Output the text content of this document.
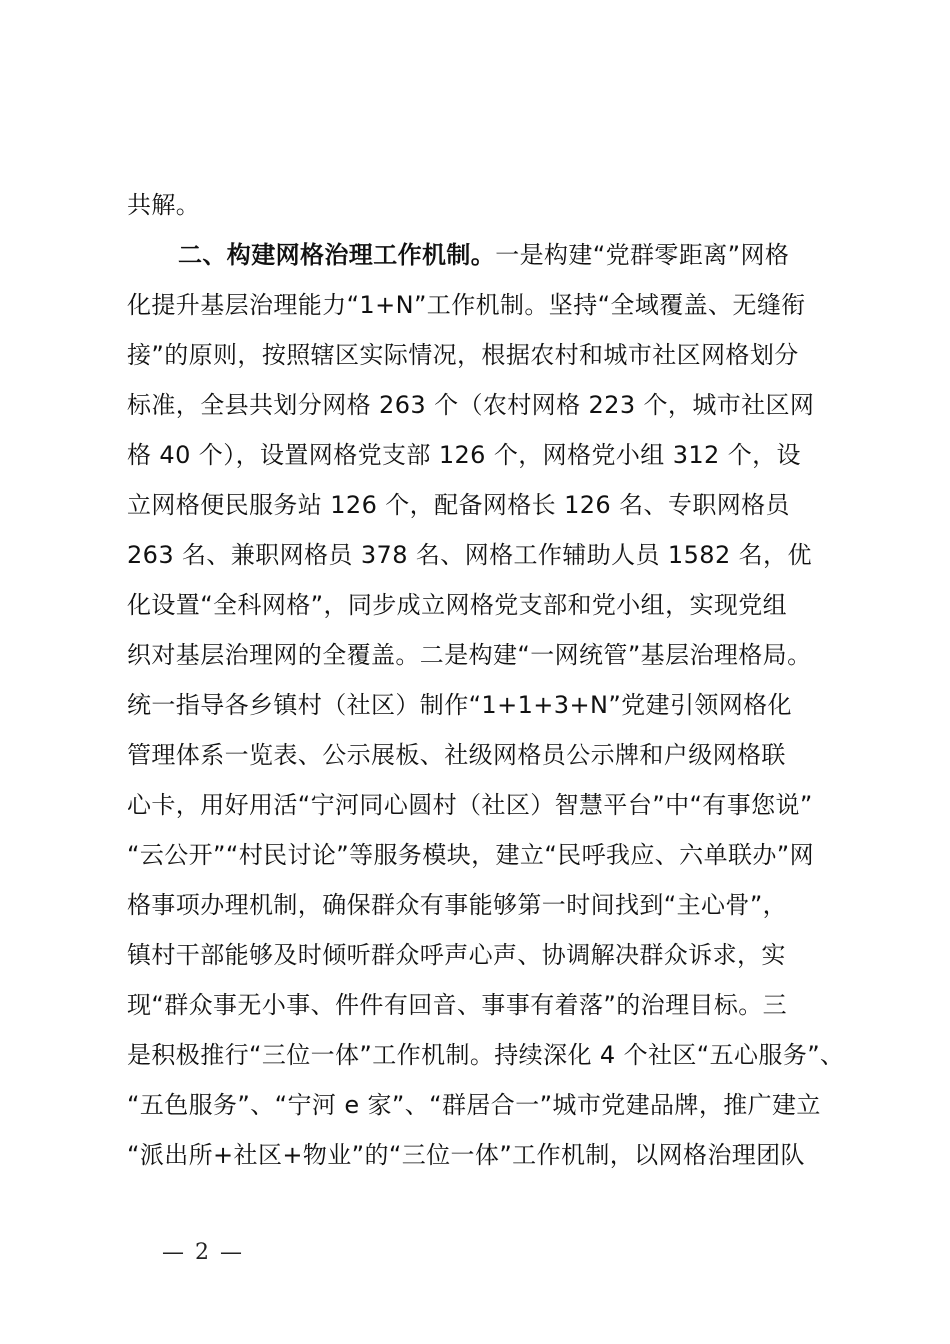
共解。
二、构建网格治理工作机制。一是构建“党群零距离”网格
化提升基层治理能力“1+N”工作机制。坚持“全域覆盖、无缝衔
接”的原则，按照辖区实际情况，根据农村和城市社区网格划分
标准，全县共划分网格 263 个（农村网格 223 个，城市社区网
格 40 个），设置网格党支部 126 个，网格党小组 312 个，设
立网格便民服务站 126 个，配备网格长 126 名、专职网格员
263 名、兼职网格员 378 名、网格工作辅助人员 1582 名，优
化设置“全科网格”，同步成立网格党支部和党小组，实现党组
织对基层治理网的全覆盖。二是构建“一网统管”基层治理格局。
统一指导各乡镇村（社区）制作“1+1+3+N”党建引领网格化
管理体系一览表、公示展板、社级网格员公示牌和户级网格联
心卡，用好用活“宁河同心圆村（社区）智慧平台”中“有事您说”
“云公开”“村民讨论”等服务模块，建立“民呼我应、六单联办”网
格事项办理机制，确保群众有事能够第一时间找到“主心骨”，
镇村干部能够及时倾听群众呼声心声、协调解决群众诉求，实
现“群众事无小事、件件有回音、事事有着落”的治理目标。三
是积极推行“三位一体”工作机制。持续深化 4 个社区“五心服务”、
“五色服务”、“宁河 e 家”、“群居合一”城市党建品牌，推广建立
“派出所+社区+物业”的“三位一体”工作机制，以网格治理团队
— 2 —
